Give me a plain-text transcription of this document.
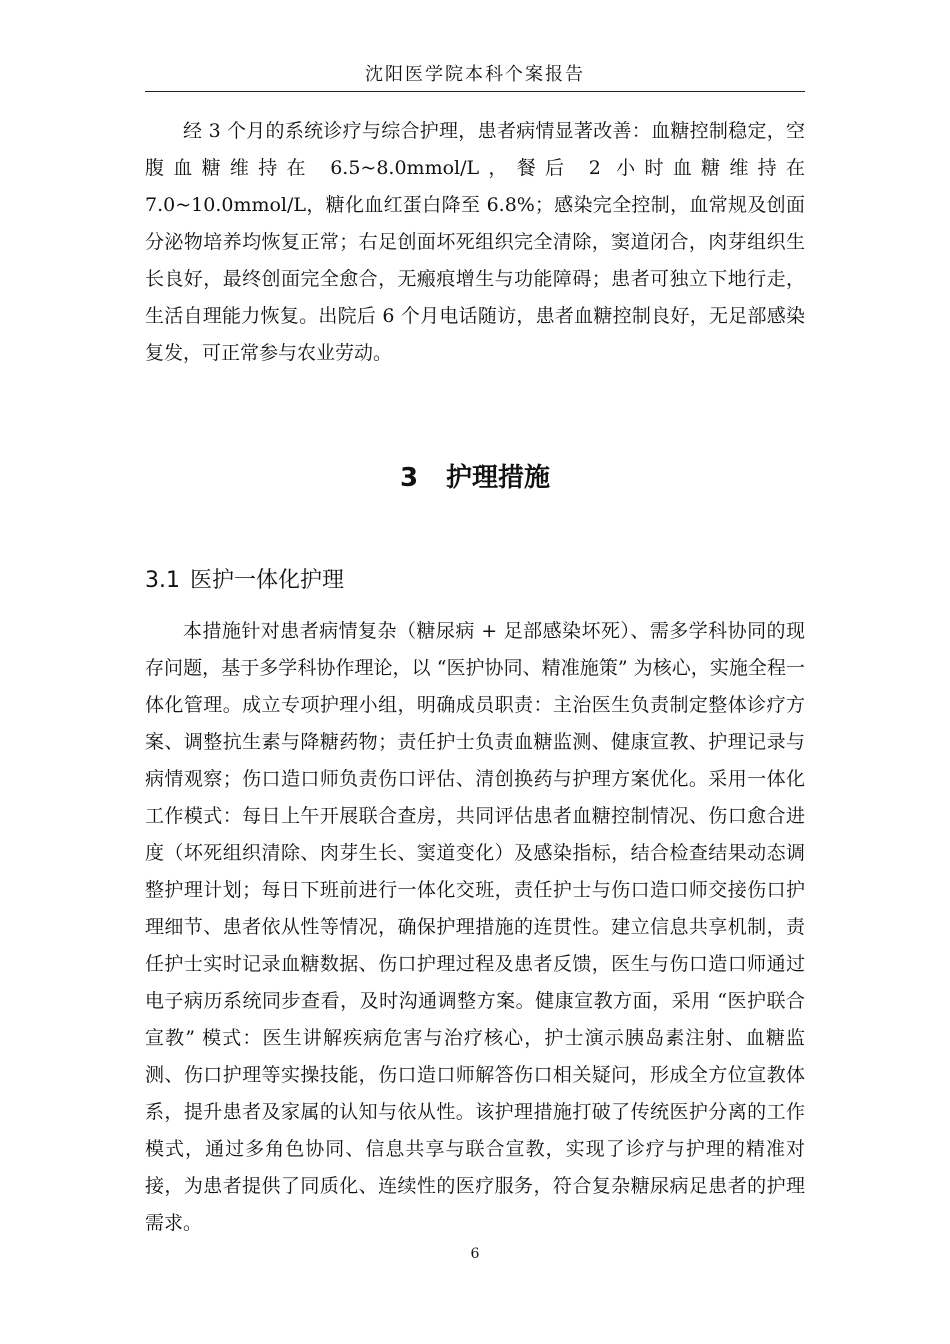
沈阳医学院本科个案报告

经 3 个月的系统诊疗与综合护理，患者病情显著改善：血糖控制稳定，空腹血糖维持在 6.5~8.0mmol/L，餐后 2 小时血糖维持在 7.0~10.0mmol/L，糖化血红蛋白降至 6.8%；感染完全控制，血常规及创面分泌物培养均恢复正常；右足创面坏死组织完全清除，窦道闭合，肉芽组织生长良好，最终创面完全愈合，无瘢痕增生与功能障碍；患者可独立下地行走，生活自理能力恢复。出院后 6 个月电话随访，患者血糖控制良好，无足部感染复发，可正常参与农业劳动。

3 护理措施
3.1 医护一体化护理

本措施针对患者病情复杂（糖尿病 + 足部感染坏死）、需多学科协同的现存问题，基于多学科协作理论，以 “医护协同、精准施策” 为核心，实施全程一体化管理。成立专项护理小组，明确成员职责：主治医生负责制定整体诊疗方案、调整抗生素与降糖药物；责任护士负责血糖监测、健康宣教、护理记录与病情观察；伤口造口师负责伤口评估、清创换药与护理方案优化。采用一体化工作模式：每日上午开展联合查房，共同评估患者血糖控制情况、伤口愈合进度（坏死组织清除、肉芽生长、窦道变化）及感染指标，结合检查结果动态调整护理计划；每日下班前进行一体化交班，责任护士与伤口造口师交接伤口护理细节、患者依从性等情况，确保护理措施的连贯性。建立信息共享机制，责任护士实时记录血糖数据、伤口护理过程及患者反馈，医生与伤口造口师通过电子病历系统同步查看，及时沟通调整方案。健康宣教方面，采用 “医护联合宣教” 模式：医生讲解疾病危害与治疗核心，护士演示胰岛素注射、血糖监测、伤口护理等实操技能，伤口造口师解答伤口相关疑问，形成全方位宣教体系，提升患者及家属的认知与依从性。该护理措施打破了传统医护分离的工作模式，通过多角色协同、信息共享与联合宣教，实现了诊疗与护理的精准对接，为患者提供了同质化、连续性的医疗服务，符合复杂糖尿病足患者的护理需求。

6
